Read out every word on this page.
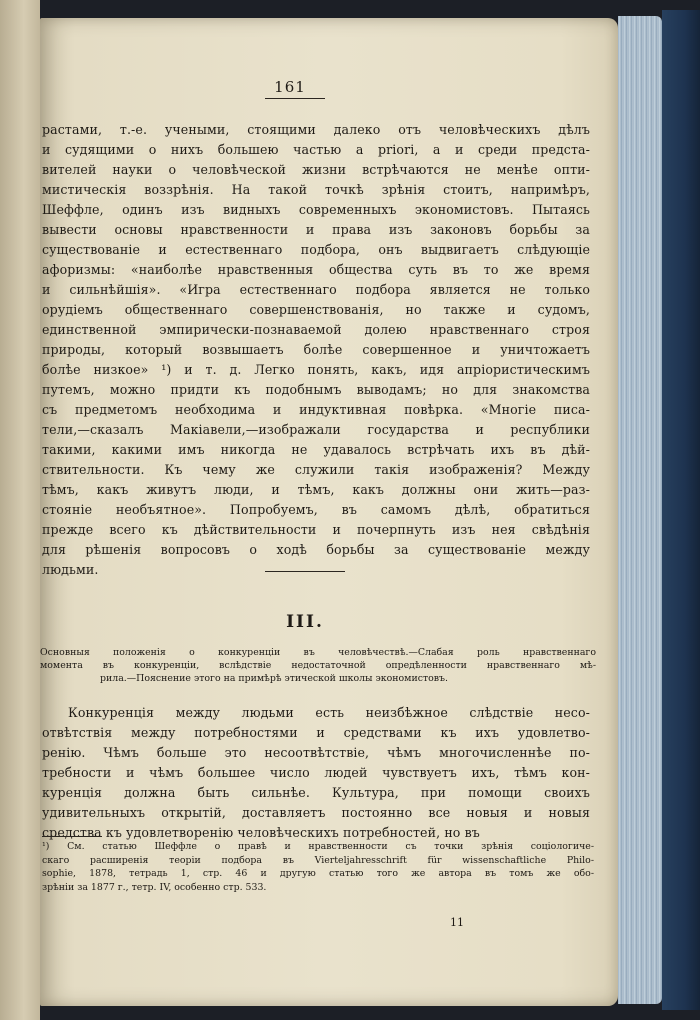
161
растами, т.-е. учеными, стоящими далеко отъ человѣческихъ дѣлъ
и судящими о нихъ большею частью a priori, а и среди предста-
вителей науки о человѣческой жизни встрѣчаются не менѣе опти-
мистическія воззрѣнія. На такой точкѣ зрѣнія стоитъ, напримѣръ,
Шеффле, одинъ изъ видныхъ современныхъ экономистовъ. Пытаясь
вывести основы нравственности и права изъ законовъ борьбы за
существованіе и естественнаго подбора, онъ выдвигаетъ слѣдующіе
афоризмы: «наиболѣе нравственныя общества суть въ то же время
и сильнѣйшія». «Игра естественнаго подбора является не только
орудіемъ общественнаго совершенствованія, но также и судомъ,
единственной эмпирически-познаваемой долею нравственнаго строя
природы, который возвышаетъ болѣе совершенное и уничтожаетъ
болѣе низкое» ¹) и т. д. Легко понять, какъ, идя апріористическимъ
путемъ, можно придти къ подобнымъ выводамъ; но для знакомства
съ предметомъ необходима и индуктивная повѣрка. «Многіе писа-
тели,—сказалъ Макіавели,—изображали государства и республики
такими, какими имъ никогда не удавалось встрѣчать ихъ въ дѣй-
ствительности. Къ чему же служили такія изображенія? Между
тѣмъ, какъ живутъ люди, и тѣмъ, какъ должны они жить—раз-
стояніе необъятное». Попробуемъ, въ самомъ дѣлѣ, обратиться
прежде всего къ дѣйствительности и почерпнуть изъ нея свѣдѣнія
для рѣшенія вопросовъ о ходѣ борьбы за существованіе между
людьми.
III.
Основныя положенія о конкуренціи въ человѣчествѣ.—Слабая роль нравственнаго
момента въ конкуренціи, вслѣдствіе недостаточной опредѣленности нравственнаго мѣ-
рила.—Пояснение этого на примѣрѣ этической школы экономистовъ.
Конкуренція между людьми есть неизбѣжное слѣдствіе несо-
отвѣтствія между потребностями и средствами къ ихъ удовлетво-
ренію. Чѣмъ больше это несоотвѣтствіе, чѣмъ многочисленнѣе по-
требности и чѣмъ большее число людей чувствуетъ ихъ, тѣмъ кон-
куренція должна быть сильнѣе. Культура, при помощи своихъ
удивительныхъ открытій, доставляетъ постоянно все новыя и новыя
средства къ удовлетворенію человѣческихъ потребностей, но въ
¹) См. статью Шеффле о правѣ и нравственности съ точки зрѣнія соціологиче-
скаго расширенія теоріи подбора въ Vierteljahresschrift für wissenschaftliche Philo-
sophie, 1878, тетрадь 1, стр. 46 и другую статью того же автора въ томъ же обо-
зрѣніи за 1877 г., тетр. IV, особенно стр. 533.
11
